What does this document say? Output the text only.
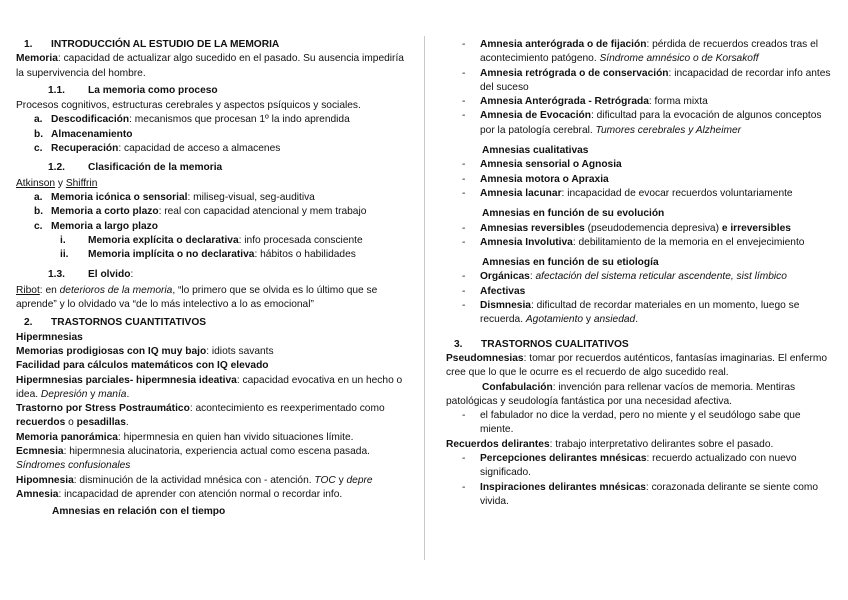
1. INTRODUCCIÓN AL ESTUDIO DE LA MEMORIA

Memoria: capacidad de actualizar algo sucedido en el pasado. Su ausencia impediría la supervivencia del hombre.

1.1. La memoria como proceso

Procesos cognitivos, estructuras cerebrales y aspectos psíquicos y sociales.

a. Descodificación: mecanismos que procesan 1º la indo aprendida
b. Almacenamiento
c. Recuperación: capacidad de acceso a almacenes
1.2. Clasificación de la memoria

Atkinson y Shiffrin

a. Memoria icónica o sensorial: miliseg-visual, seg-auditiva
b. Memoria a corto plazo: real con capacidad atencional y mem trabajo
c. Memoria a largo plazo
i. Memoria explícita o declarativa: info procesada consciente
ii. Memoria implícita o no declarativa: hábitos o habilidades
1.3. El olvido:

Ribot: en deterioros de la memoria, “lo primero que se olvida es lo último que se aprende” y lo olvidado va “de lo más intelectivo a lo as emocional”

2. TRASTORNOS CUANTITATIVOS

Hipermnesias

Memorias prodigiosas con IQ muy bajo: idiots savants

Facilidad para cálculos matemáticos con IQ elevado

Hipermnesias parciales- hipermnesia ideativa: capacidad evocativa en un hecho o idea. Depresión y manía.

Trastorno por Stress Postraumático: acontecimiento es reexperimentado como recuerdos o pesadillas.

Memoria panorámica: hipermnesia en quien han vivido situaciones límite.

Ecmnesia: hipermnesia alucinatoria, experiencia actual como escena pasada. Síndromes confusionales

Hipomnesia: disminución de la actividad mnésica con - atención. TOC y depre

Amnesia: incapacidad de aprender con atención normal o recordar info.

Amnesias en relación con el tiempo
- Amnesia anterógrada o de fijación: pérdida de recuerdos creados tras el acontecimiento patógeno. Síndrome amnésico o de Korsakoff
- Amnesia retrógrada o de conservación: incapacidad de recordar info antes del suceso
- Amnesia Anterógrada - Retrógrada: forma mixta
- Amnesia de Evocación: dificultad para la evocación de algunos conceptos por la patología cerebral. Tumores cerebrales y Alzheimer
Amnesias cualitativas
- Amnesia sensorial o Agnosia
- Amnesia motora o Apraxia
- Amnesia lacunar: incapacidad de evocar recuerdos voluntariamente
Amnesias en función de su evolución
- Amnesias reversibles (pseudodemencia depresiva) e irreversibles
- Amnesia Involutiva: debilitamiento de la memoria en el envejecimiento
Amnesias en función de su etiología
- Orgánicas: afectación del sistema reticular ascendente, sist límbico
- Afectivas
- Dismnesia: dificultad de recordar materiales en un momento, luego se recuerda. Agotamiento y ansiedad.
3. TRASTORNOS CUALITATIVOS

Pseudomnesias: tomar por recuerdos auténticos, fantasías imaginarias. El enfermo cree que lo que le ocurre es el recuerdo de algo sucedido real.

Confabulación: invención para rellenar vacíos de memoria. Mentiras patológicas y seudología fantástica por una necesidad afectiva.

- el fabulador no dice la verdad, pero no miente y el seudólogo sabe que miente.

Recuerdos delirantes: trabajo interpretativo delirantes sobre el pasado.

- Percepciones delirantes mnésicas: recuerdo actualizado con nuevo significado.
- Inspiraciones delirantes mnésicas: corazonada delirante se siente como vivida.
